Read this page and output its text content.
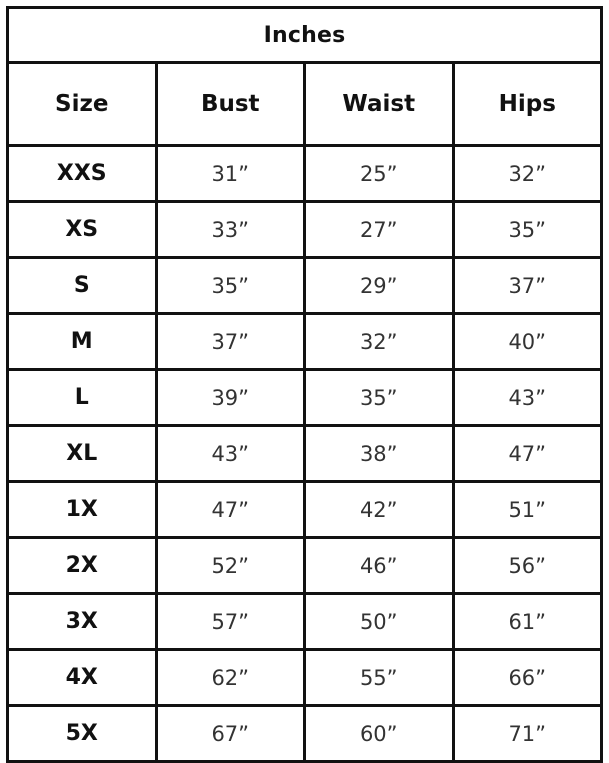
Inches			
Size	Bust	Waist	Hips
XXS	31”	25”	32”
XS	33”	27”	35”
S	35”	29”	37”
M	37”	32”	40”
L	39”	35”	43”
XL	43”	38”	47”
1X	47”	42”	51”
2X	52”	46”	56”
3X	57”	50”	61”
4X	62”	55”	66”
5X	67”	60”	71”
